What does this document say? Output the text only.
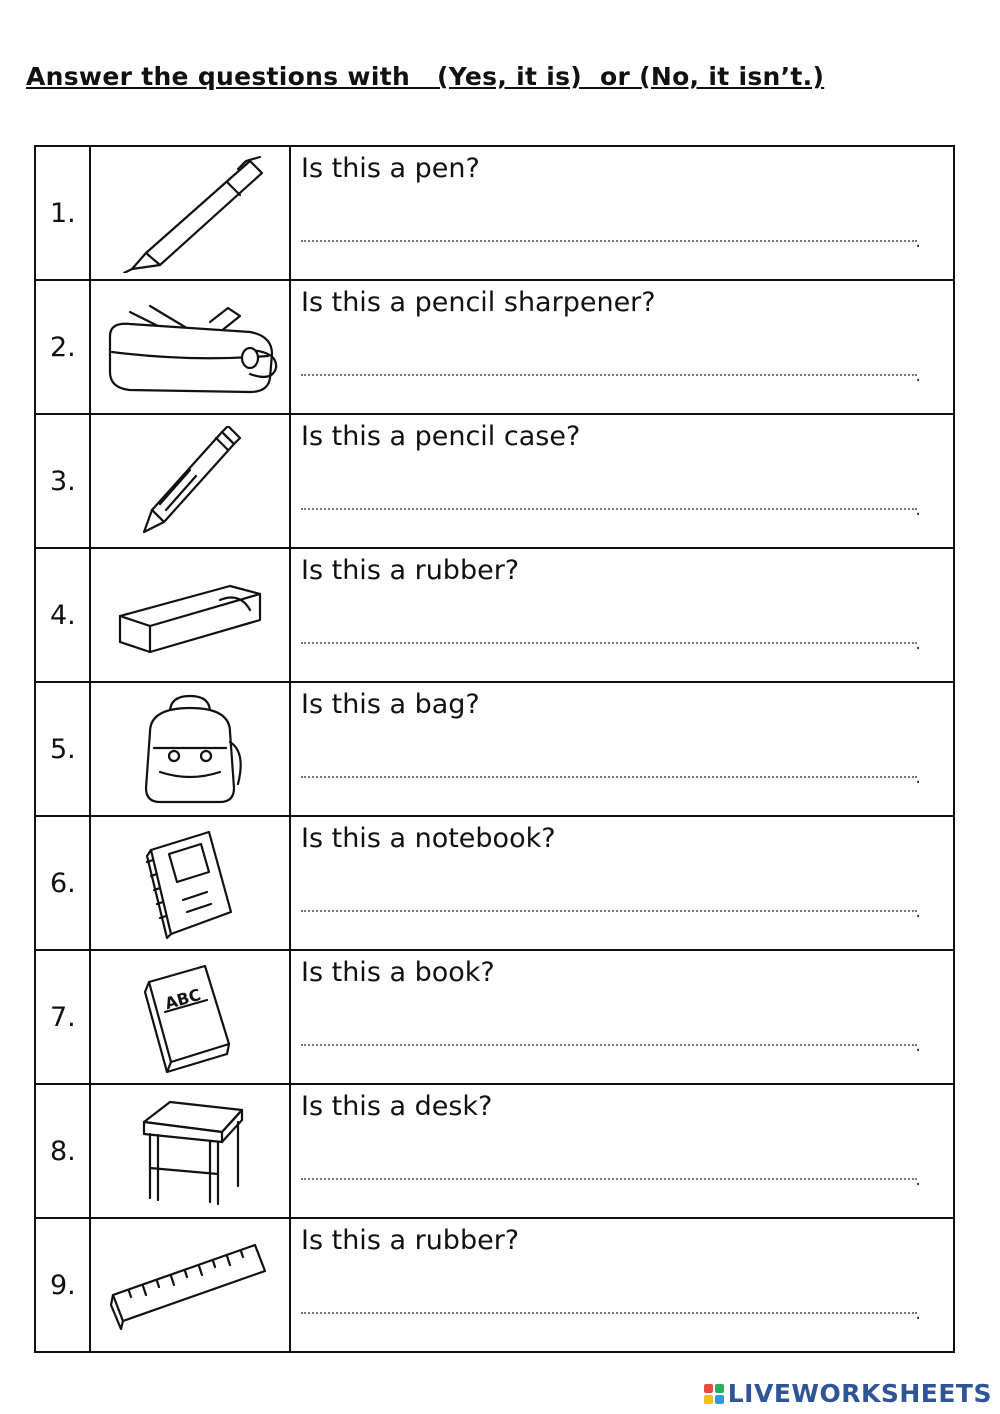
Answer the questions with   (Yes, it is)  or (No, it isn’t.)
1.		Is this a pen?
.

2.		Is this a pencil sharpener?
.

3.		Is this a pencil case?
.

4.		Is this a rubber?
.

5.		Is this a bag?
.

6.		Is this a notebook?
.

7.	ABC	Is this a book?
.

8.		Is this a desk?
.

9.		Is this a rubber?
.
LIVEWORKSHEETS
